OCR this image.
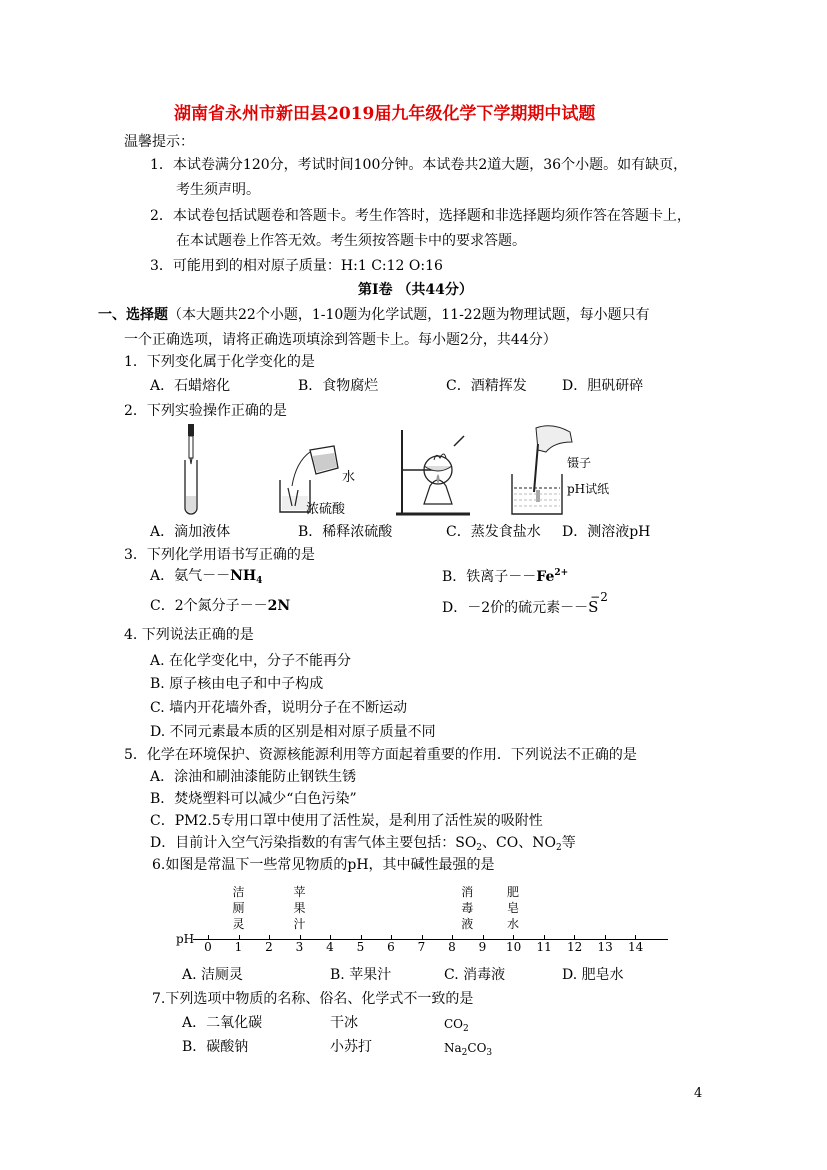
湖南省永州市新田县2019届九年级化学下学期期中试题
温馨提示：
1．本试卷满分120分，考试时间100分钟。本试卷共2道大题，36个小题。如有缺页，
考生须声明。
2．本试卷包括试题卷和答题卡。考生作答时，选择题和非选择题均须作答在答题卡上，
在本试题卷上作答无效。考生须按答题卡中的要求答题。
3．可能用到的相对原子质量：H:1 C:12 O:16
第Ⅰ卷 （共44分）
一、选择题（本大题共22个小题，1-10题为化学试题，11-22题为物理试题，每小题只有
一个正确选项，请将正确选项填涂到答题卡上。每小题2分，共44分）
1．下列变化属于化学变化的是
A．石蜡熔化	B．食物腐烂	C．酒精挥发	D．胆矾研碎
2．下列实验操作正确的是
水
浓硫酸
镊子
pH试纸
A．滴加液体	B．稀释浓硫酸	C．蒸发食盐水 D．测溶液pH
3．下列化学用语书写正确的是
A．氨气$--NH_4$	B．铁离子$--Fe^{2+}$
C．2个氮分子－－2N	D．－2价的硫元素－－S
−2
4. 下列说法正确的是
A. 在化学变化中，分子不能再分
B. 原子核由电子和中子构成
C. 墙内开花墙外香，说明分子在不断运动
D. 不同元素最本质的区别是相对原子质量不同
5．化学在环境保护、资源核能源利用等方面起着重要的作用．下列说法不正确的是
A．涂油和刷油漆能防止钢铁生锈
B．焚烧塑料可以减少“白色污染”
C．PM2.5专用口罩中使用了活性炭，是利用了活性炭的吸附性
D．目前计入空气污染指数的有害气体主要包括：$SO_2$、CO、$NO_2$等
6.如图是常温下一些常见物质的pH，其中碱性最强的是
pH
0 1 2 3 4 5 6 7 8 9 10 11 12 13 14
洁
厕
灵
苹
果
汁
消
毒
液
肥
皂
水
A. 洁厕灵	B. 苹果汁	C. 消毒液	D. 肥皂水
7.下列选项中物质的名称、俗名、化学式不一致的是
A．二氧化碳	干冰	$CO_2$
B．碳酸钠	小苏打	$Na_2CO_3$
4
